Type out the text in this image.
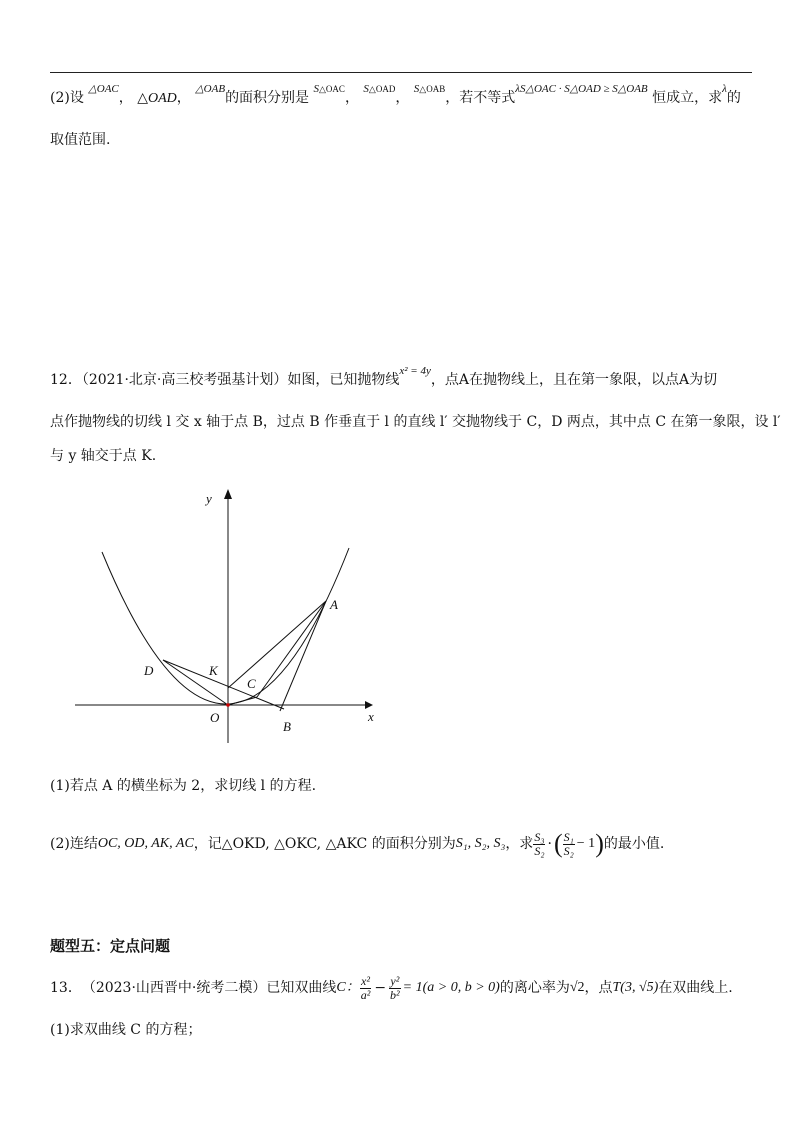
(2)设 $^{\triangle OAC}$， △OAD， $^{\triangle OAB}$的面积分别是 $^{S\triangle OAC}$， $^{S\triangle OAD}$， $^{S\triangle OAB}$，若不等式$^{\lambda S\triangle OAC \cdot S\triangle OAD \ge S\triangle OAB}$ 恒成立，求$^\lambda$的
取值范围.
12．（2021·北京·高三校考强基计划）如图，已知抛物线$^{x^2 = 4y}$，点A在抛物线上，且在第一象限，以点A为切
点作抛物线的切线 l 交 x 轴于点 B，过点 B 作垂直于 l 的直线 l′ 交抛物线于 C，D 两点，其中点 C 在第一象限，设 l′
与 y 轴交于点 K.
y
x
A
B
C
D	K
O
(1)若点 A 的横坐标为 2，求切线 l 的方程.
(2)连结 OC, OD, AK, AC ，记△OKD, △OKC, △AKC 的面积分别为 S₁, S₂, S₃ ，求 $\frac{\text{S₃}}{\text{S₂}}$ · ( $\frac{\text{S₁}}{\text{S₂}} - 1$ ) 的最小值.
题型五：定点问题
13． （2023·山西晋中·统考二模）已知双曲线 C： $\frac{\text{x²}}{\text{a²}} - \frac{\text{y²}}{\text{b²}} = 1(a > 0$, b > 0) 的离心率为 √2 ，点 T(3, √5) 在双曲线上.
(1)求双曲线 C 的方程；
